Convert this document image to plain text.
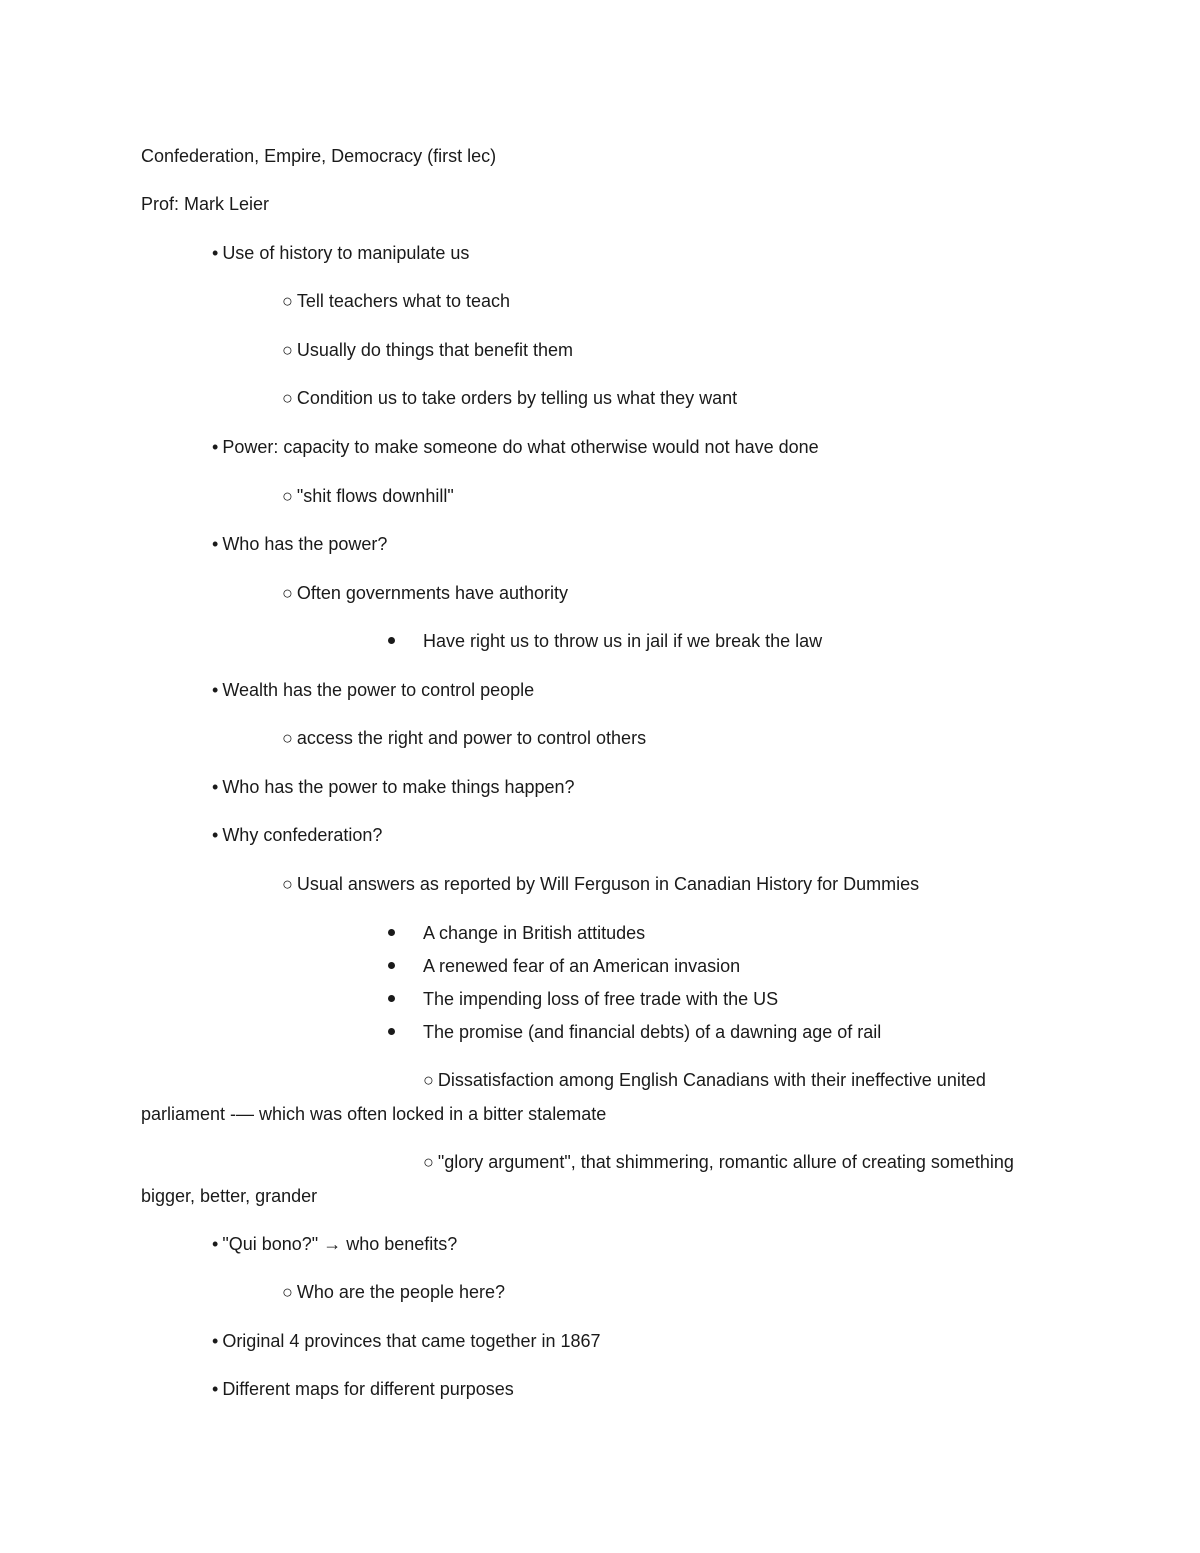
Confederation, Empire, Democracy (first lec)
Prof: Mark Leier
• Use of history to manipulate us
○ Tell teachers what to teach
○ Usually do things that benefit them
○ Condition us to take orders by telling us what they want
• Power: capacity to make someone do what otherwise would not have done
○ "shit flows downhill"
• Who has the power?
○ Often governments have authority
Have right us to throw us in jail if we break the law
• Wealth has the power to control people
○ access the right and power to control others
• Who has the power to make things happen?
• Why confederation?
○ Usual answers as reported by Will Ferguson in Canadian History for Dummies
A change in British attitudes
A renewed fear of an American invasion
The impending loss of free trade with the US
The promise (and financial debts) of a dawning age of rail
○ Dissatisfaction among English Canadians with their ineffective united parliament -— which was often locked in a bitter stalemate
○ "glory argument", that shimmering, romantic allure of creating something bigger, better, grander
• "Qui bono?" → who benefits?
○ Who are the people here?
• Original 4 provinces that came together in 1867
• Different maps for different purposes
